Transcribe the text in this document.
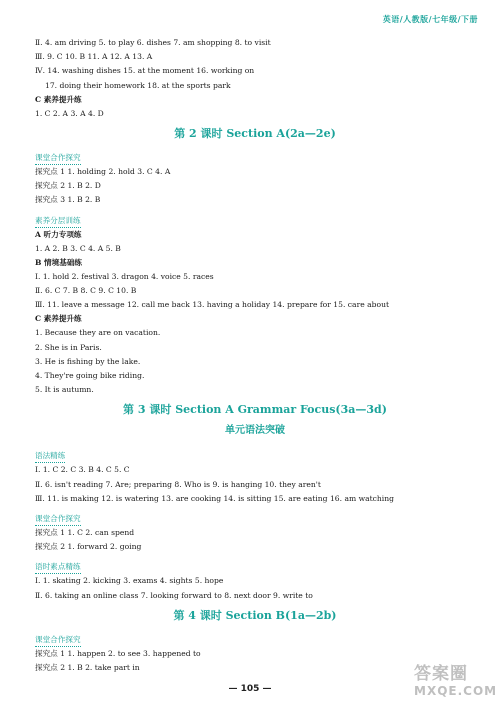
英语/人教版/七年级/下册
Ⅱ. 4. am driving 5. to play 6. dishes 7. am shopping 8. to visit
Ⅲ. 9. C 10. B 11. A 12. A 13. A
Ⅳ. 14. washing dishes 15. at the moment 16. working on
17. doing their homework 18. at the sports park
C 素养提升练
1. C 2. A 3. A 4. D
第 2 课时 Section A(2a—2e)
课堂合作探究
探究点 1 1. holding 2. hold 3. C 4. A
探究点 2 1. B 2. D
探究点 3 1. B 2. B
素养分层训练
A 听力专项练
1. A 2. B 3. C 4. A 5. B
B 情境基础练
Ⅰ. 1. hold 2. festival 3. dragon 4. voice 5. races
Ⅱ. 6. C 7. B 8. C 9. C 10. B
Ⅲ. 11. leave a message 12. call me back 13. having a holiday 14. prepare for 15. care about
C 素养提升练
1. Because they are on vacation.
2. She is in Paris.
3. He is fishing by the lake.
4. They're going bike riding.
5. It is autumn.
第 3 课时 Section A Grammar Focus(3a—3d)
单元语法突破
语法精练
Ⅰ. 1. C 2. C 3. B 4. C 5. C
Ⅱ. 6. isn't reading 7. Are; preparing 8. Who is 9. is hanging 10. they aren't
Ⅲ. 11. is making 12. is watering 13. are cooking 14. is sitting 15. are eating 16. am watching
课堂合作探究
探究点 1 1. C 2. can spend
探究点 2 1. forward 2. going
语时素点精练
Ⅰ. 1. skating 2. kicking 3. exams 4. sights 5. hope
Ⅱ. 6. taking an online class 7. looking forward to 8. next door 9. write to
第 4 课时 Section B(1a—2b)
课堂合作探究
探究点 1 1. happen 2. to see 3. happened to
探究点 2 1. B 2. take part in
— 105 —
答案圈
MXQE.COM
